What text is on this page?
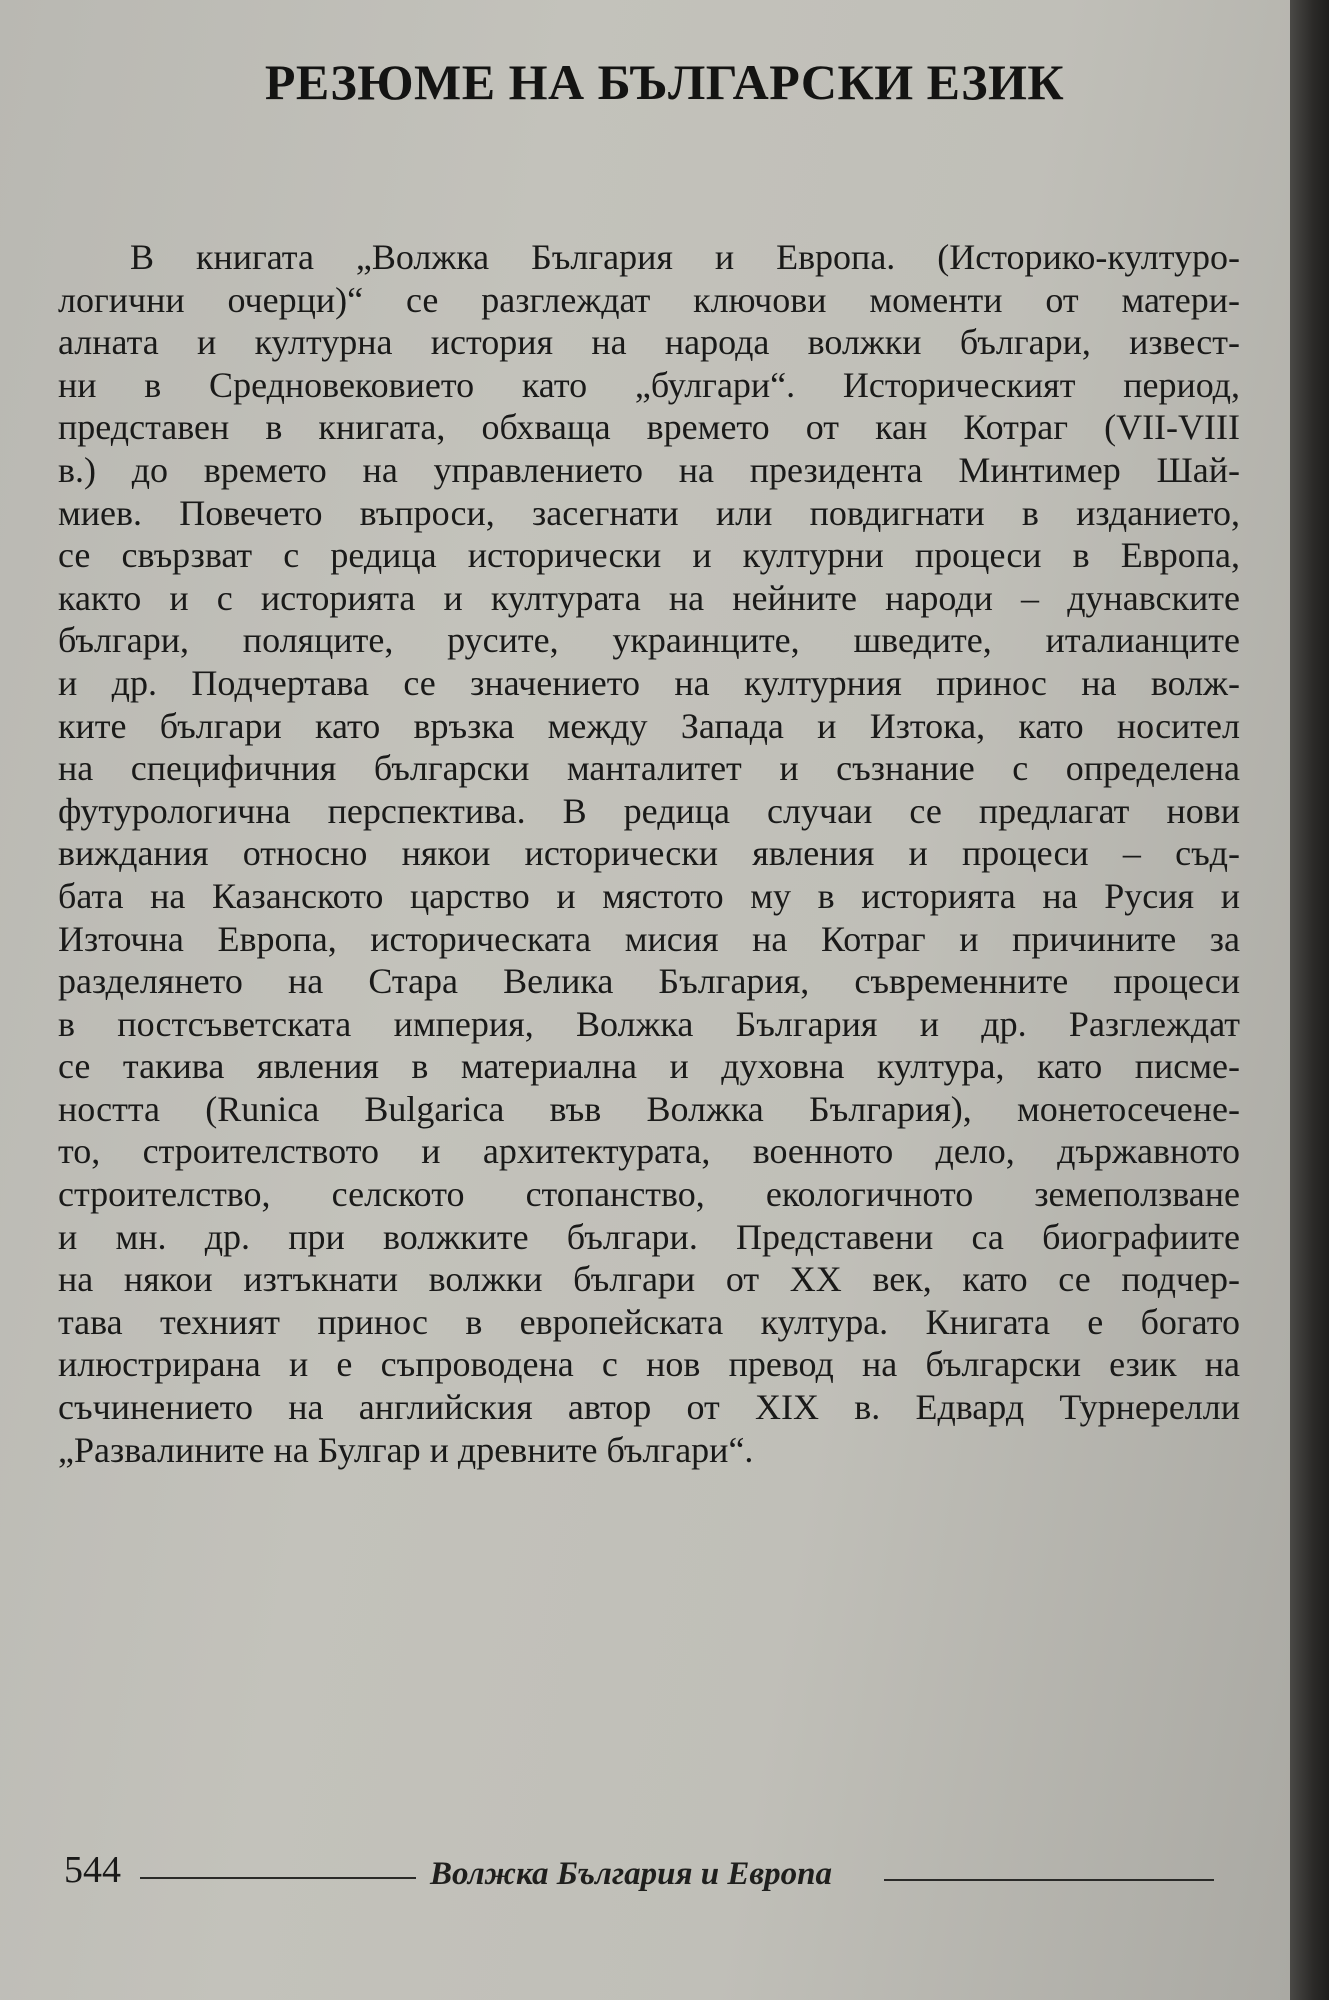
РЕЗЮМЕ НА БЪЛГАРСКИ ЕЗИК
В книгата „Волжка България и Европа. (Историко-културо-
логични очерци)“ се разглеждат ключови моменти от матери-
алната и културна история на народа волжки българи, извест-
ни в Средновековието като „булгари“. Историческият период,
представен в книгата, обхваща времето от кан Котраг (VII-VIII
в.) до времето на управлението на президента Минтимер Шай-
миев. Повечето въпроси, засегнати или повдигнати в изданието,
се свързват с редица исторически и културни процеси в Европа,
както и с историята и културата на нейните народи – дунавските
българи, поляците, русите, украинците, шведите, италианците
и др. Подчертава се значението на културния принос на волж-
ките българи като връзка между Запада и Изтока, като носител
на специфичния български манталитет и съзнание с определена
футурологична перспектива. В редица случаи се предлагат нови
виждания относно някои исторически явления и процеси – съд-
бата на Казанското царство и мястото му в историята на Русия и
Източна Европа, историческата мисия на Котраг и причините за
разделянето на Стара Велика България, съвременните процеси
в постсъветската империя, Волжка България и др. Разглеждат
се такива явления в материална и духовна култура, като писме-
ността (Runica Bulgarica във Волжка България), монетосечене-
то, строителството и архитектурата, военното дело, държавното
строителство, селското стопанство, екологичното земеползване
и мн. др. при волжките българи. Представени са биографиите
на някои изтъкнати волжки българи от XX век, като се подчер-
тава техният принос в европейската култура. Книгата е богато
илюстрирана и е съпроводена с нов превод на български език на
съчинението на английския автор от XIX в. Едвард Турнерелли
„Развалините на Булгар и древните българи“.
544	Волжка България и Европа
